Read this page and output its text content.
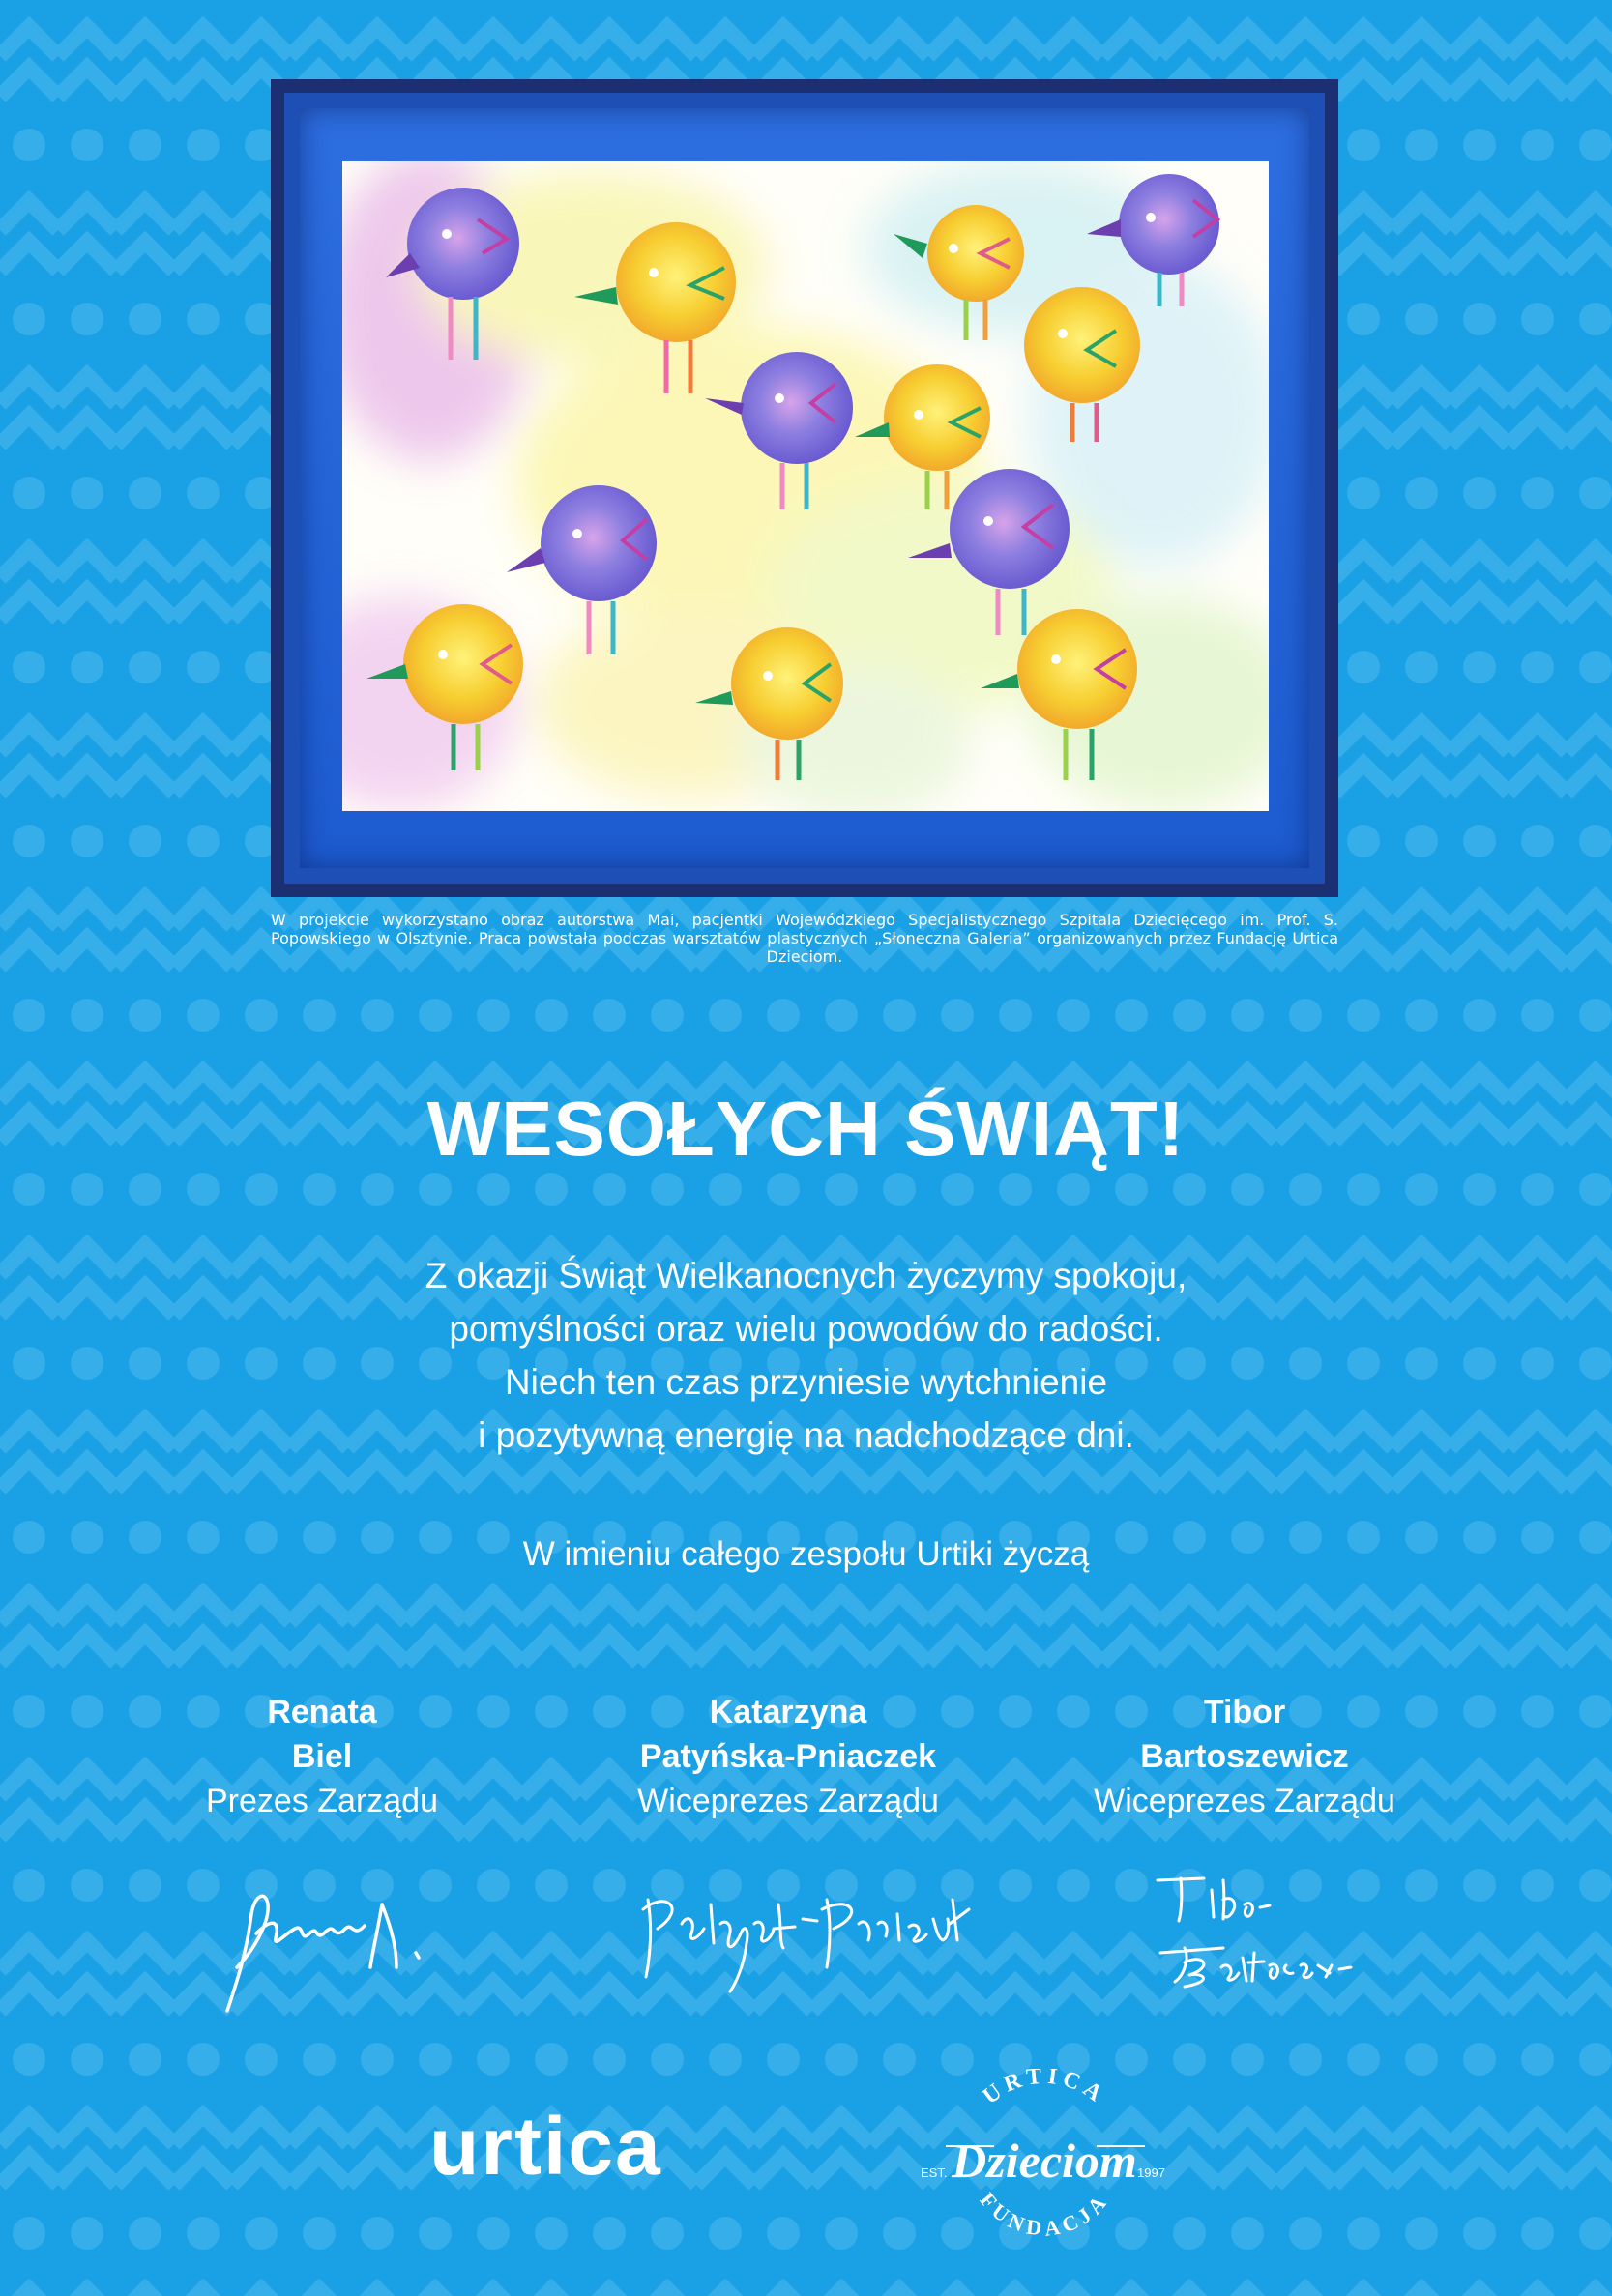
W projekcie wykorzystano obraz autorstwa Mai, pacjentki Wojewódzkiego Specjalistycznego Szpitala Dziecięcego im. Prof. S. Popowskiego w Olsztynie. Praca powstała podczas warsztatów plastycznych „Słoneczna Galeria” organizowanych przez Fundację Urtica Dzieciom.
WESOŁYCH ŚWIĄT!
Z okazji Świąt Wielkanocnych życzymy spokoju,
pomyślności oraz wielu powodów do radości.
Niech ten czas przyniesie wytchnienie
i pozytywną energię na nadchodzące dni.
W imieniu całego zespołu Urtiki życzą
Renata
Biel
Prezes Zarządu
Katarzyna
Patyńska-Pniaczek
Wiceprezes Zarządu
Tibor
Bartoszewicz
Wiceprezes Zarządu
urtica
URTICA
Dzieciom
EST.	1997
FUNDACJA
